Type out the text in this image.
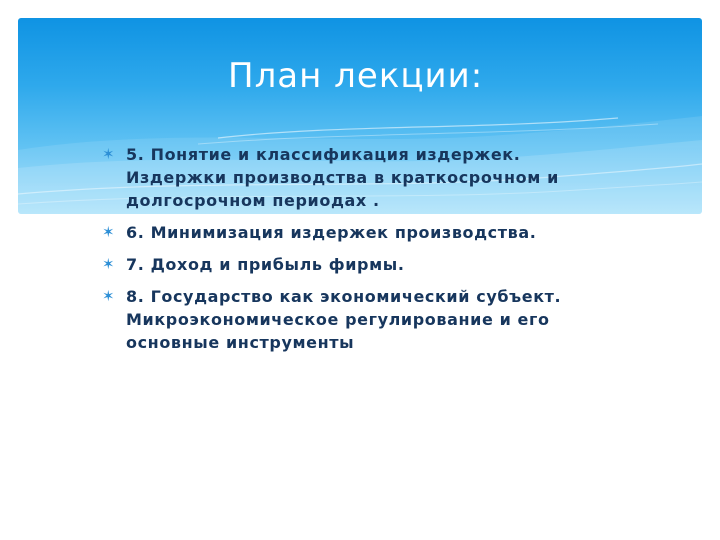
План лекции:
✶ 5. Понятие и классификация издержек.
Издержки производства в краткосрочном и
долгосрочном периодах .
✶ 6. Минимизация издержек производства.
✶ 7. Доход и прибыль фирмы.
✶ 8. Государство как экономический субъект.
Микроэкономическое регулирование и его
основные инструменты
